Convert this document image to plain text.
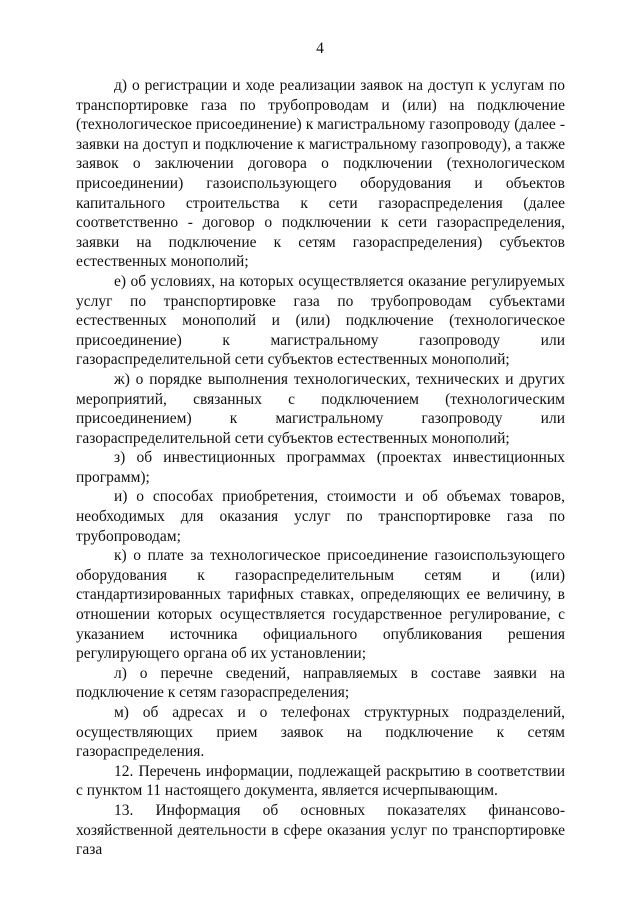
4

д) о регистрации и ходе реализации заявок на доступ к услугам по транспортировке газа по трубопроводам и (или) на подключение (технологическое присоединение) к магистральному газопроводу (далее - заявки на доступ и подключение к магистральному газопроводу), а также заявок о заключении договора о подключении (технологическом присоединении) газоиспользующего оборудования и объектов капитального строительства к сети газораспределения (далее соответственно - договор о подключении к сети газораспределения, заявки на подключение к сетям газораспределения) субъектов естественных монополий;

е) об условиях, на которых осуществляется оказание регулируемых услуг по транспортировке газа по трубопроводам субъектами естественных монополий и (или) подключение (технологическое присоединение) к магистральному газопроводу или газораспределительной сети субъектов естественных монополий;

ж) о порядке выполнения технологических, технических и других мероприятий, связанных с подключением (технологическим присоединением) к магистральному газопроводу или газораспределительной сети субъектов естественных монополий;

з) об инвестиционных программах (проектах инвестиционных программ);

и) о способах приобретения, стоимости и об объемах товаров, необходимых для оказания услуг по транспортировке газа по трубопроводам;

к) о плате за технологическое присоединение газоиспользующего оборудования к газораспределительным сетям и (или) стандартизированных тарифных ставках, определяющих ее величину, в отношении которых осуществляется государственное регулирование, с указанием источника официального опубликования решения регулирующего органа об их установлении;

л) о перечне сведений, направляемых в составе заявки на подключение к сетям газораспределения;

м) об адресах и о телефонах структурных подразделений, осуществляющих прием заявок на подключение к сетям газораспределения.

12. Перечень информации, подлежащей раскрытию в соответствии с пунктом 11 настоящего документа, является исчерпывающим.

13. Информация об основных показателях финансово-хозяйственной деятельности в сфере оказания услуг по транспортировке газа
